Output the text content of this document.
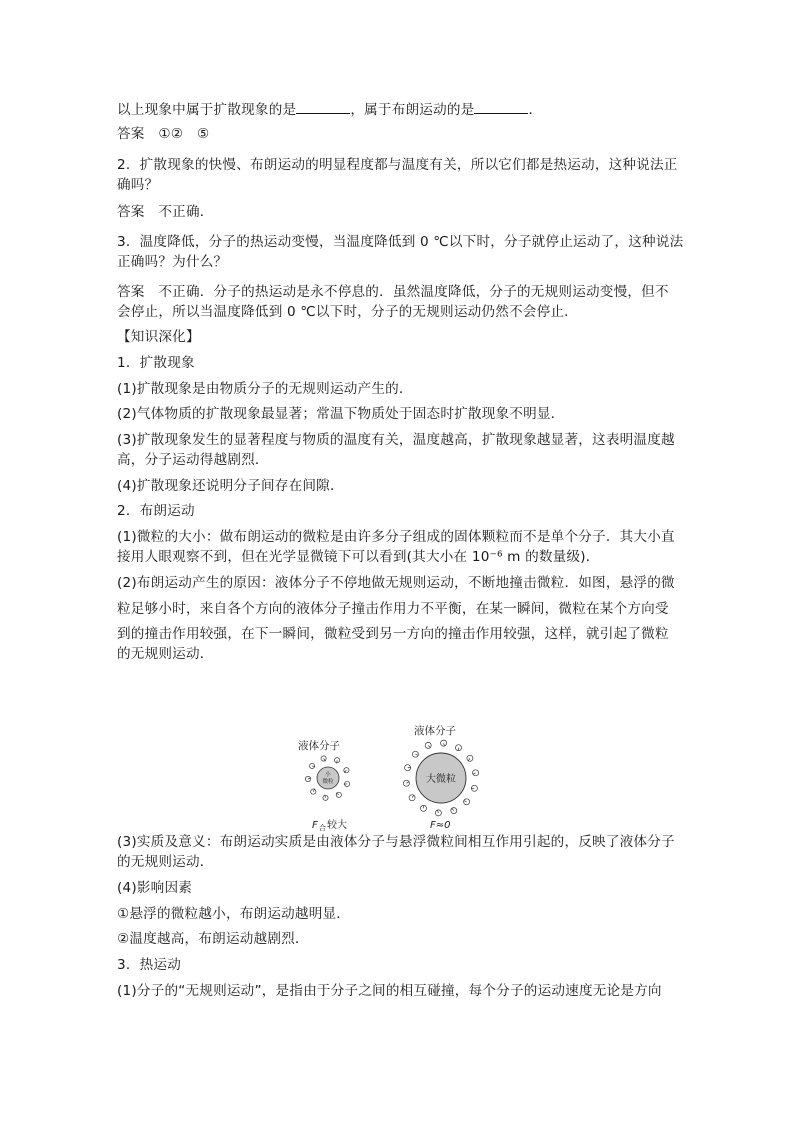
以上现象中属于扩散现象的是	，属于布朗运动的是	．
答案　①②　⑤
2．扩散现象的快慢、布朗运动的明显程度都与温度有关，所以它们都是热运动，这种说法正
确吗？
答案　不正确．
3．温度降低，分子的热运动变慢，当温度降低到 0 ℃以下时，分子就停止运动了，这种说法
正确吗？为什么？
答案　不正确．分子的热运动是永不停息的．虽然温度降低，分子的无规则运动变慢，但不
会停止，所以当温度降低到 0 ℃以下时，分子的无规则运动仍然不会停止．
【知识深化】
1．扩散现象
(1)扩散现象是由物质分子的无规则运动产生的．
(2)气体物质的扩散现象最显著；常温下物质处于固态时扩散现象不明显．
(3)扩散现象发生的显著程度与物质的温度有关，温度越高，扩散现象越显著，这表明温度越
高，分子运动得越剧烈．
(4)扩散现象还说明分子间存在间隙．
2．布朗运动
(1)微粒的大小：做布朗运动的微粒是由许多分子组成的固体颗粒而不是单个分子．其大小直
接用人眼观察不到，但在光学显微镜下可以看到(其大小在 10⁻⁶ m 的数量级)．
(2)布朗运动产生的原因：液体分子不停地做无规则运动，不断地撞击微粒．如图，悬浮的微
粒足够小时，来自各个方向的液体分子撞击作用力不平衡，在某一瞬间，微粒在某个方向受
到的撞击作用较强，在下一瞬间，微粒受到另一方向的撞击作用较强，这样，就引起了微粒
的无规则运动．
(3)实质及意义：布朗运动实质是由液体分子与悬浮微粒间相互作用引起的，反映了液体分子
的无规则运动．
(4)影响因素
①悬浮的微粒越小，布朗运动越明显．
②温度越高，布朗运动越剧烈．
3．热运动
(1)分子的“无规则运动”，是指由于分子之间的相互碰撞，每个分子的运动速度无论是方向
液体分子
小
微粒
F 合 较大
液体分子
大微粒
F≈0
